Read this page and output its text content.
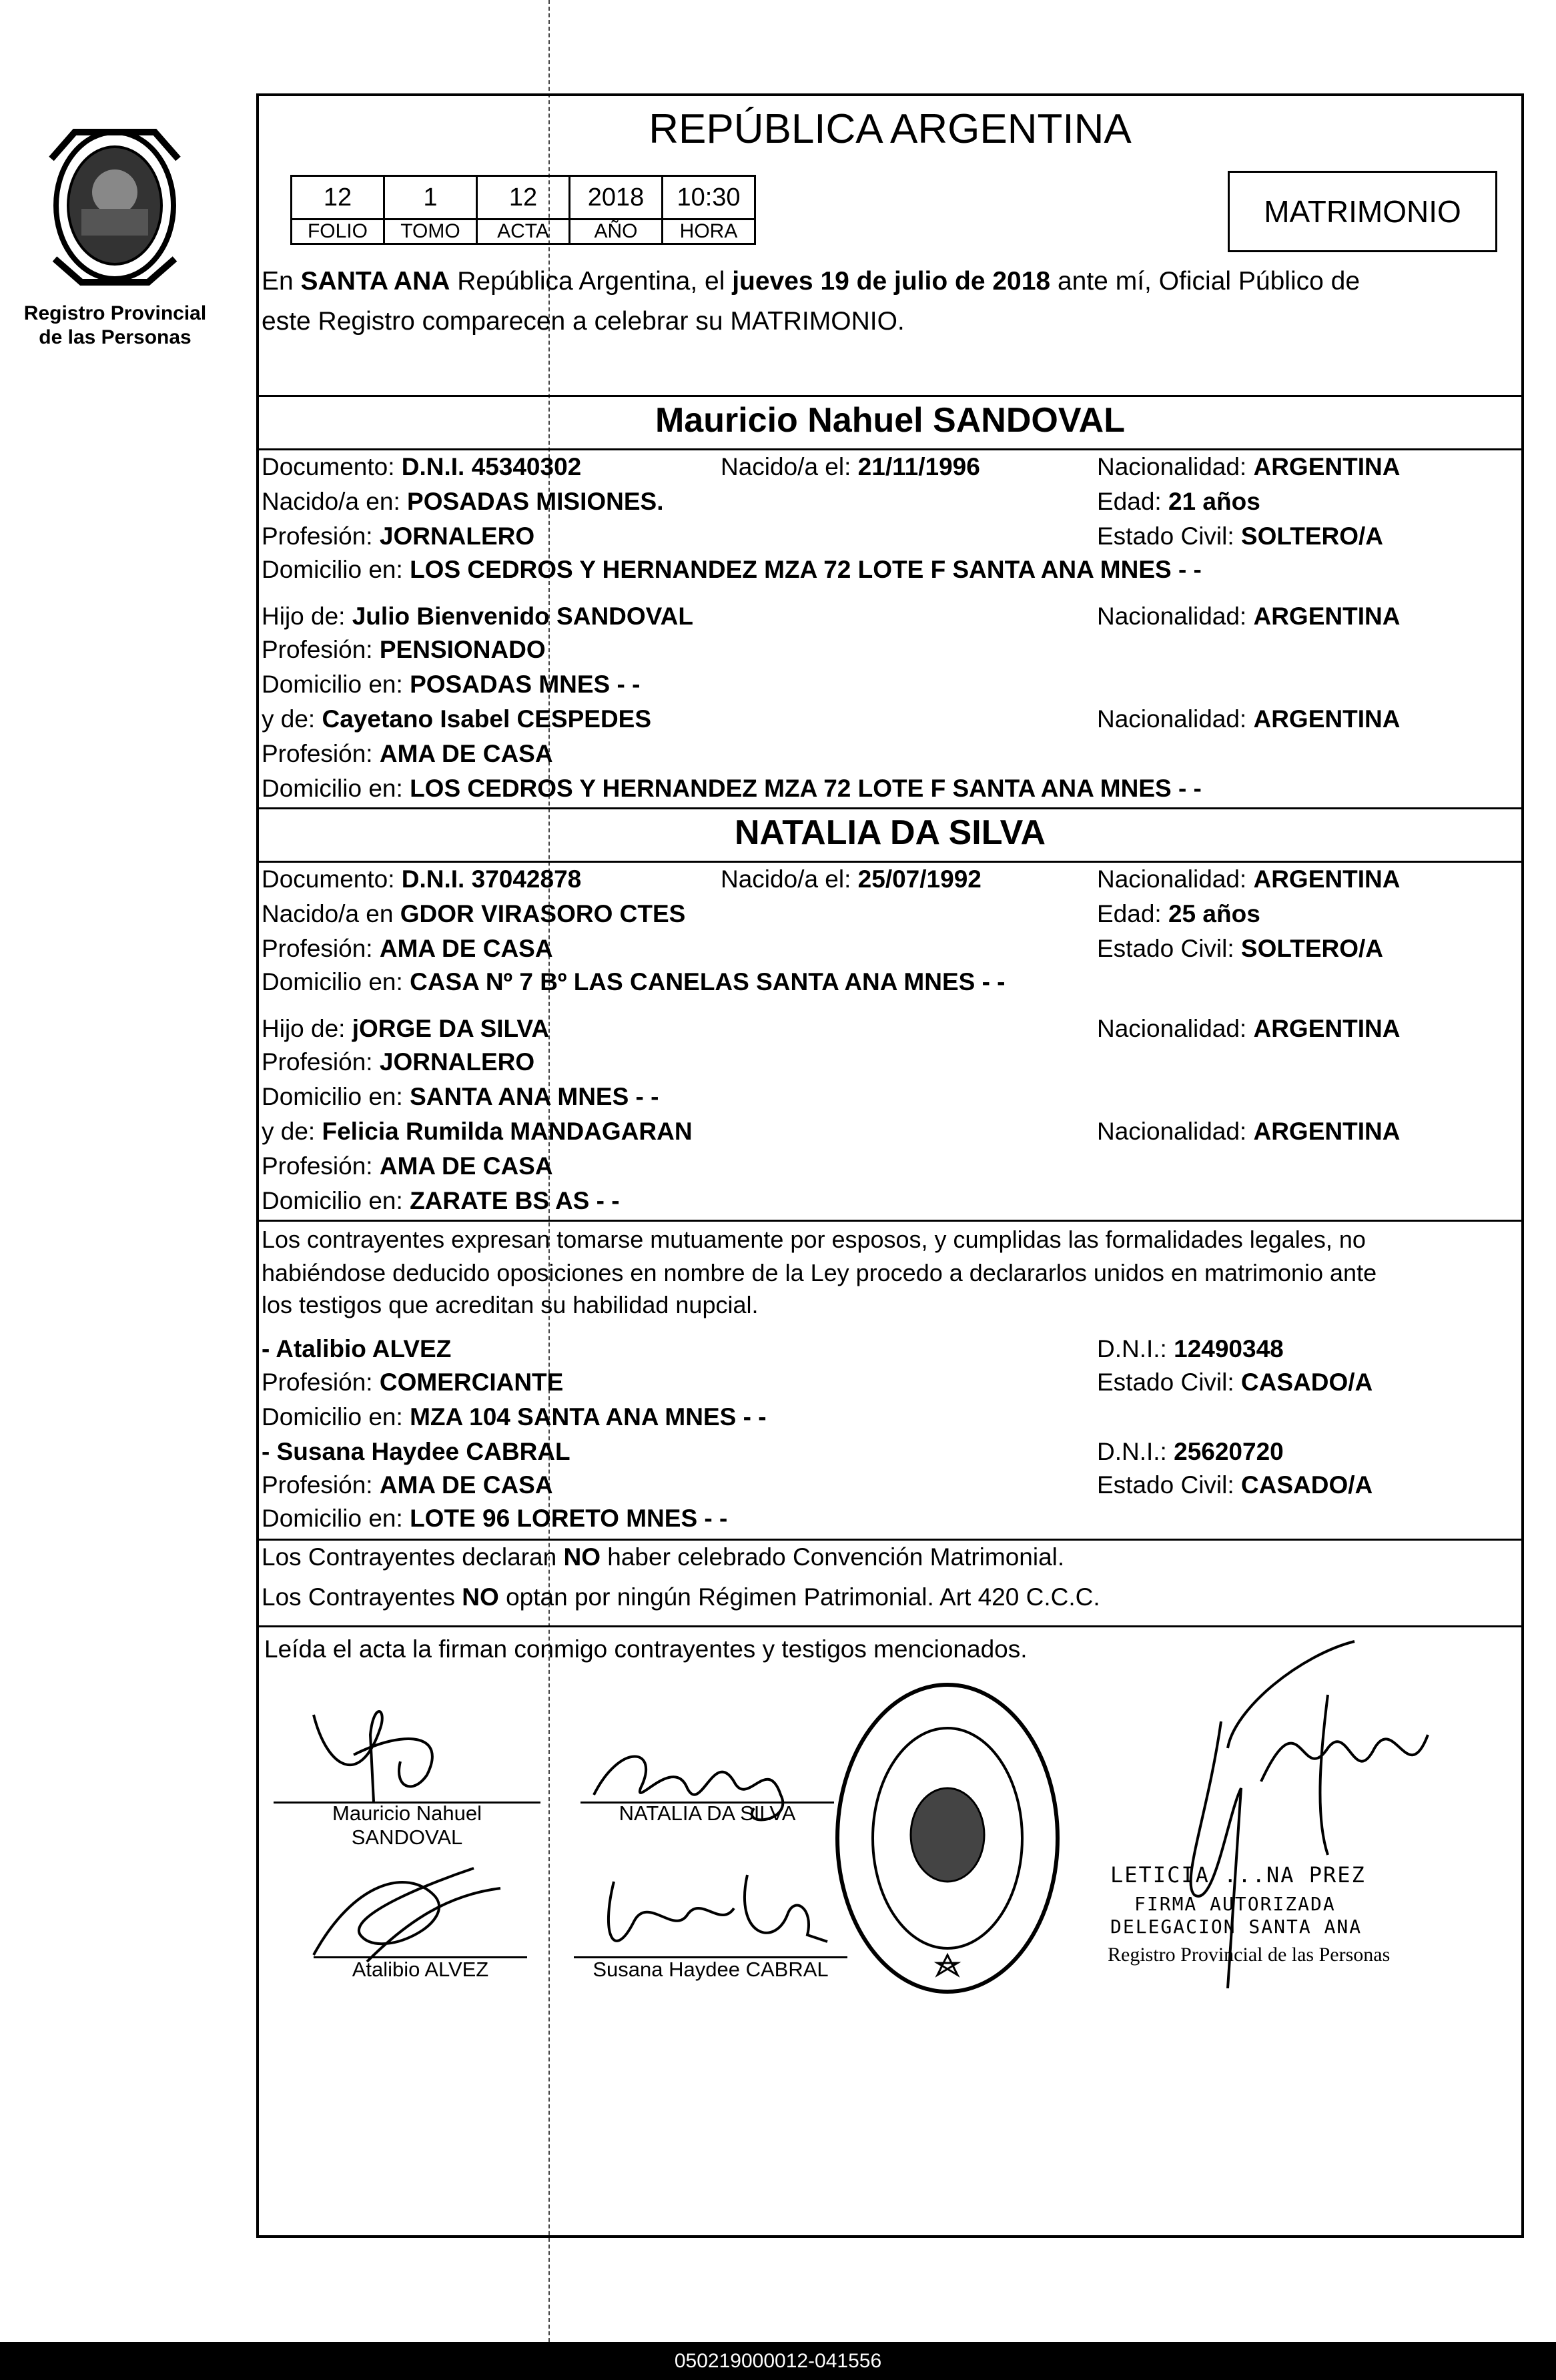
Registro Provincial
de las Personas
REPÚBLICA ARGENTINA
12	1	12	2018	10:30
FOLIO	TOMO	ACTA	AÑO	HORA
MATRIMONIO
En SANTA ANA República Argentina, el jueves 19 de julio de 2018 ante mí, Oficial Público de
este Registro comparecen a celebrar su MATRIMONIO.
Mauricio Nahuel SANDOVAL
Documento: D.N.I. 45340302	Nacido/a el: 21/11/1996	Nacionalidad: ARGENTINA
Nacido/a en: POSADAS MISIONES.	Edad: 21 años
Profesión: JORNALERO	Estado Civil: SOLTERO/A
Domicilio en: LOS CEDROS Y HERNANDEZ MZA 72 LOTE F SANTA ANA MNES - -
Hijo de: Julio Bienvenido SANDOVAL	Nacionalidad: ARGENTINA
Profesión: PENSIONADO
Domicilio en: POSADAS MNES - -
y de: Cayetano Isabel CESPEDES	Nacionalidad: ARGENTINA
Profesión: AMA DE CASA
Domicilio en: LOS CEDROS Y HERNANDEZ MZA 72 LOTE F SANTA ANA MNES - -
NATALIA DA SILVA
Documento: D.N.I. 37042878	Nacido/a el: 25/07/1992	Nacionalidad: ARGENTINA
Nacido/a en GDOR VIRASORO CTES	Edad: 25 años
Profesión: AMA DE CASA	Estado Civil: SOLTERO/A
Domicilio en: CASA Nº 7 Bº LAS CANELAS SANTA ANA MNES - -
Hijo de: jORGE DA SILVA	Nacionalidad: ARGENTINA
Profesión: JORNALERO
Domicilio en: SANTA ANA MNES - -
y de: Felicia Rumilda MANDAGARAN	Nacionalidad: ARGENTINA
Profesión: AMA DE CASA
Domicilio en: ZARATE BS AS - -
Los contrayentes expresan tomarse mutuamente por esposos, y cumplidas las formalidades legales, no
habiéndose deducido oposiciones en nombre de la Ley procedo a declararlos unidos en matrimonio ante
los testigos que acreditan su habilidad nupcial.
- Atalibio ALVEZ	D.N.I.: 12490348
Profesión: COMERCIANTE	Estado Civil: CASADO/A
Domicilio en: MZA 104 SANTA ANA MNES - -
- Susana Haydee CABRAL	D.N.I.: 25620720
Profesión: AMA DE CASA	Estado Civil: CASADO/A
Domicilio en: LOTE 96 LORETO MNES - -
Los Contrayentes declaran NO haber celebrado Convención Matrimonial.
Los Contrayentes NO optan por ningún Régimen Patrimonial. Art 420 C.C.C.
Leída el acta la firman conmigo contrayentes y testigos mencionados.
Mauricio Nahuel
SANDOVAL
NATALIA DA SILVA
Atalibio ALVEZ	Susana Haydee CABRAL
LETICIA ...NA PREZ
FIRMA AUTORIZADA
DELEGACION SANTA ANA
Registro Provincial de las Personas
050219000012-041556
